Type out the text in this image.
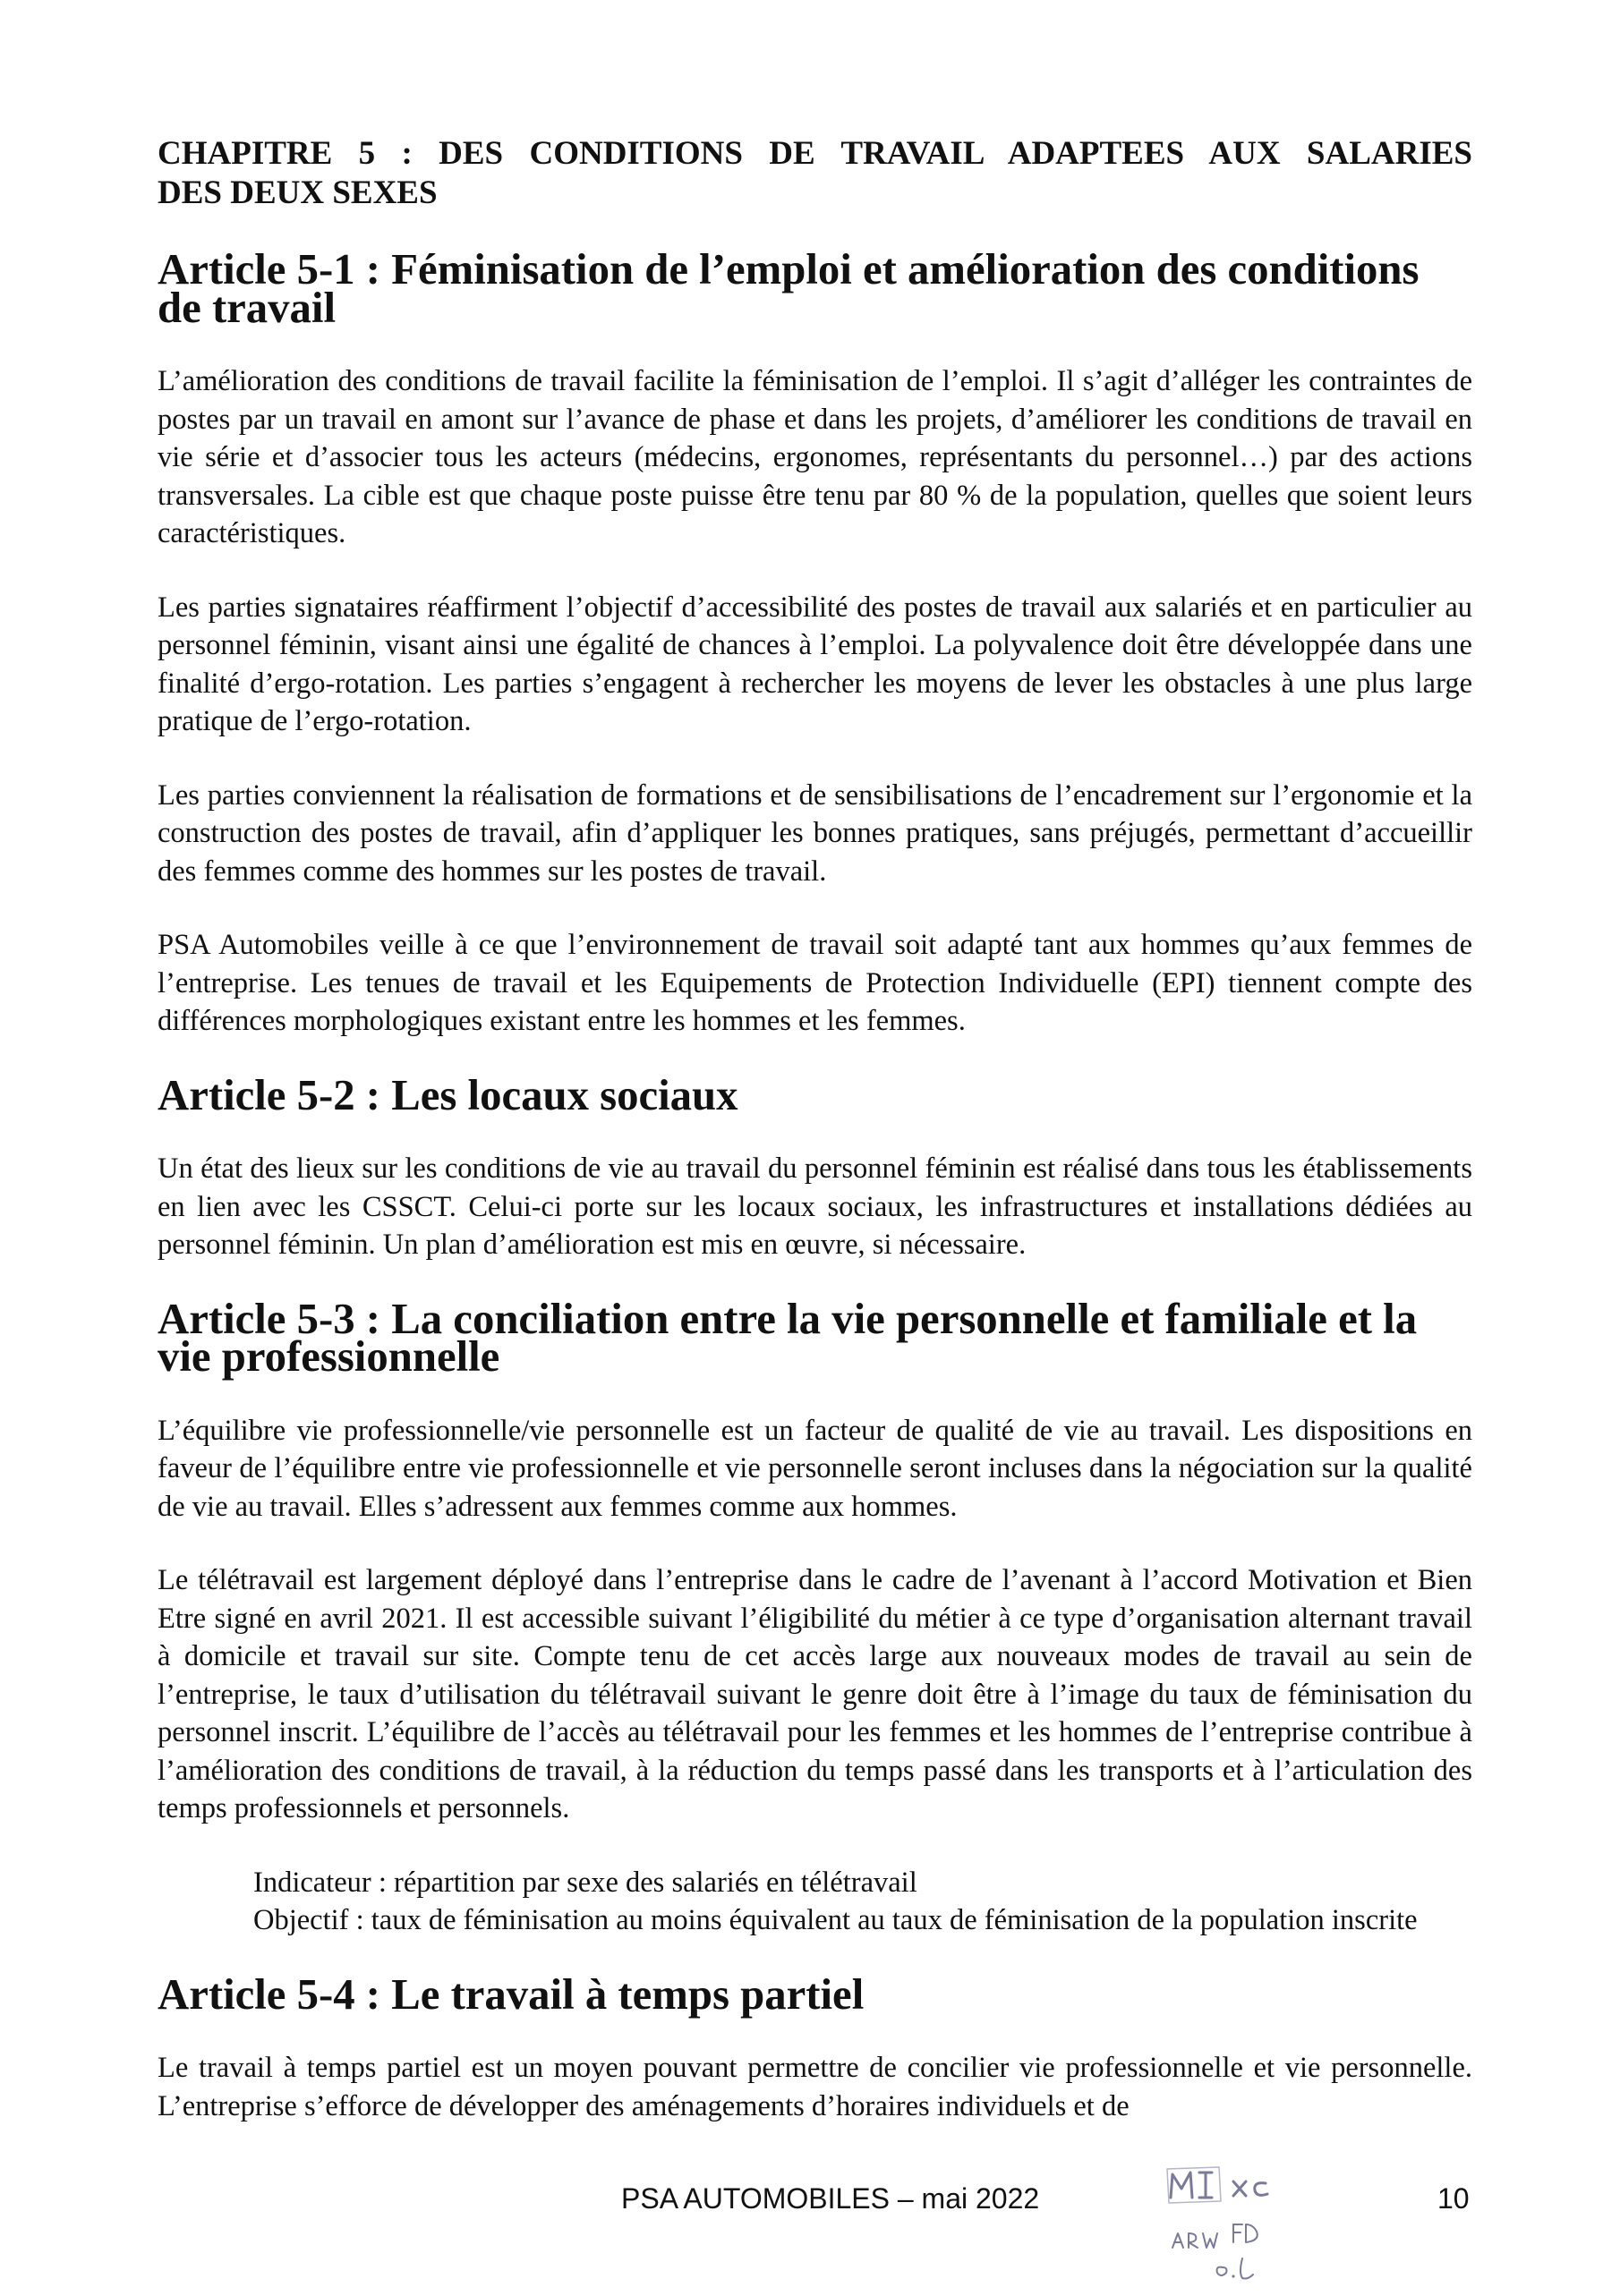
CHAPITRE 5 : DES CONDITIONS DE TRAVAIL ADAPTEES AUX SALARIES
DES DEUX SEXES
Article 5-1 : Féminisation de l’emploi et amélioration des conditions de travail

L’amélioration des conditions de travail facilite la féminisation de l’emploi. Il s’agit d’alléger les contraintes de postes par un travail en amont sur l’avance de phase et dans les projets, d’améliorer les conditions de travail en vie série et d’associer tous les acteurs (médecins, ergonomes, représentants du personnel…) par des actions transversales. La cible est que chaque poste puisse être tenu par 80 % de la population, quelles que soient leurs caractéristiques.

Les parties signataires réaffirment l’objectif d’accessibilité des postes de travail aux salariés et en particulier au personnel féminin, visant ainsi une égalité de chances à l’emploi. La polyvalence doit être développée dans une finalité d’ergo-rotation. Les parties s’engagent à rechercher les moyens de lever les obstacles à une plus large pratique de l’ergo-rotation.

Les parties conviennent la réalisation de formations et de sensibilisations de l’encadrement sur l’ergonomie et la construction des postes de travail, afin d’appliquer les bonnes pratiques, sans préjugés, permettant d’accueillir des femmes comme des hommes sur les postes de travail.

PSA Automobiles veille à ce que l’environnement de travail soit adapté tant aux hommes qu’aux femmes de l’entreprise. Les tenues de travail et les Equipements de Protection Individuelle (EPI) tiennent compte des différences morphologiques existant entre les hommes et les femmes.

Article 5-2 : Les locaux sociaux

Un état des lieux sur les conditions de vie au travail du personnel féminin est réalisé dans tous les établissements en lien avec les CSSCT. Celui-ci porte sur les locaux sociaux, les infrastructures et installations dédiées au personnel féminin. Un plan d’amélioration est mis en œuvre, si nécessaire.

Article 5-3 : La conciliation entre la vie personnelle et familiale et la vie professionnelle

L’équilibre vie professionnelle/vie personnelle est un facteur de qualité de vie au travail. Les dispositions en faveur de l’équilibre entre vie professionnelle et vie personnelle seront incluses dans la négociation sur la qualité de vie au travail. Elles s’adressent aux femmes comme aux hommes.

Le télétravail est largement déployé dans l’entreprise dans le cadre de l’avenant à l’accord Motivation et Bien Etre signé en avril 2021. Il est accessible suivant l’éligibilité du métier à ce type d’organisation alternant travail à domicile et travail sur site. Compte tenu de cet accès large aux nouveaux modes de travail au sein de l’entreprise, le taux d’utilisation du télétravail suivant le genre doit être à l’image du taux de féminisation du personnel inscrit. L’équilibre de l’accès au télétravail pour les femmes et les hommes de l’entreprise contribue à l’amélioration des conditions de travail, à la réduction du temps passé dans les transports et à l’articulation des temps professionnels et personnels.

Indicateur : répartition par sexe des salariés en télétravail
Objectif : taux de féminisation au moins équivalent au taux de féminisation de la population inscrite
Article 5-4 : Le travail à temps partiel

Le travail à temps partiel est un moyen pouvant permettre de concilier vie professionnelle et vie personnelle. L’entreprise s’efforce de développer des aménagements d’horaires individuels et de

PSA AUTOMOBILES – mai 2022	10
